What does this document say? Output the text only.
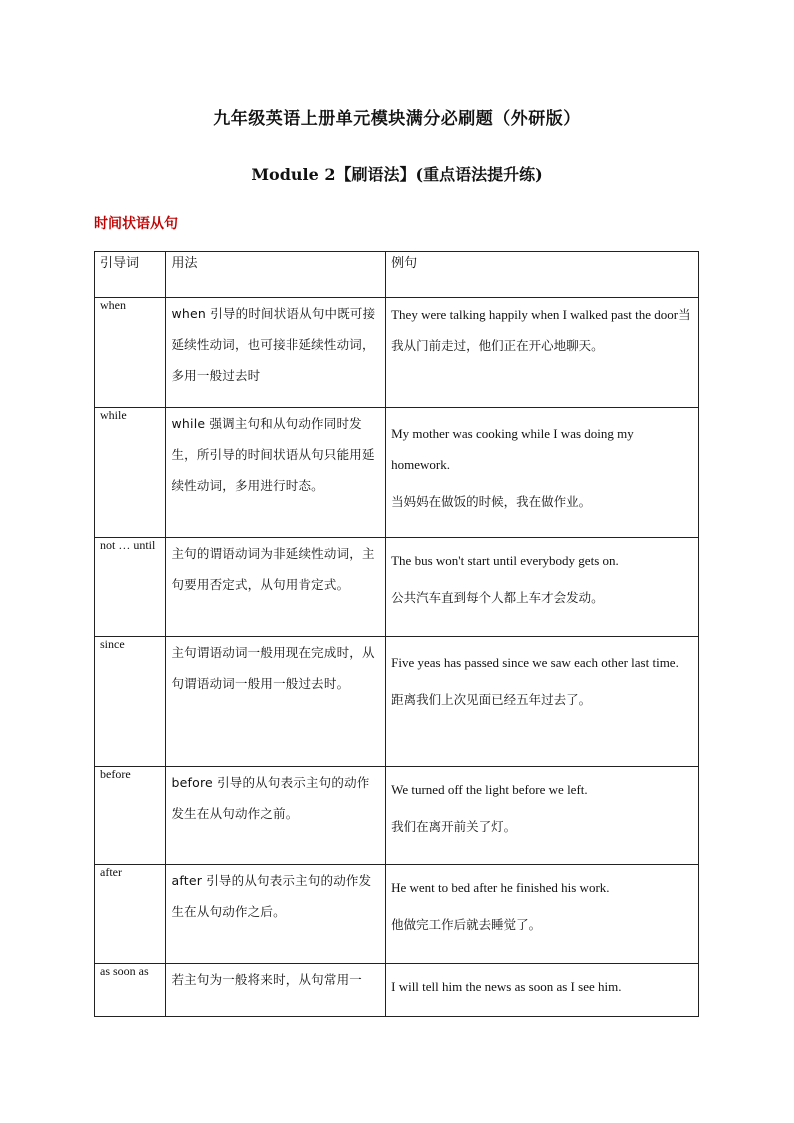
九年级英语上册单元模块满分必刷题（外研版）
Module 2【刷语法】(重点语法提升练)
时间状语从句
引导词	用法	例句
when	when 引导的时间状语从句中既可接延续性动词，也可接非延续性动词，多用一般过去时	They were talking happily when I walked past the door当我从门前走过，他们正在开心地聊天。

while	while 强调主句和从句动作同时发生，所引导的时间状语从句只能用延续性动词，多用进行时态。	My mother was cooking while I was doing my homework.
当妈妈在做饭的时候，我在做作业。

not … until	主句的谓语动词为非延续性动词，主句要用否定式，从句用肯定式。	The bus won't start until everybody gets on.
公共汽车直到每个人都上车才会发动。

since	主句谓语动词一般用现在完成时，从句谓语动词一般用一般过去时。	Five yeas has passed since we saw each other last time.
距离我们上次见面已经五年过去了。

before	before 引导的从句表示主句的动作发生在从句动作之前。	We turned off the light before we left.
我们在离开前关了灯。

after	after 引导的从句表示主句的动作发生在从句动作之后。	He went to bed after he finished his work.
他做完工作后就去睡觉了。

as soon as	若主句为一般将来时，从句常用一	I will tell him the news as soon as I see him.
